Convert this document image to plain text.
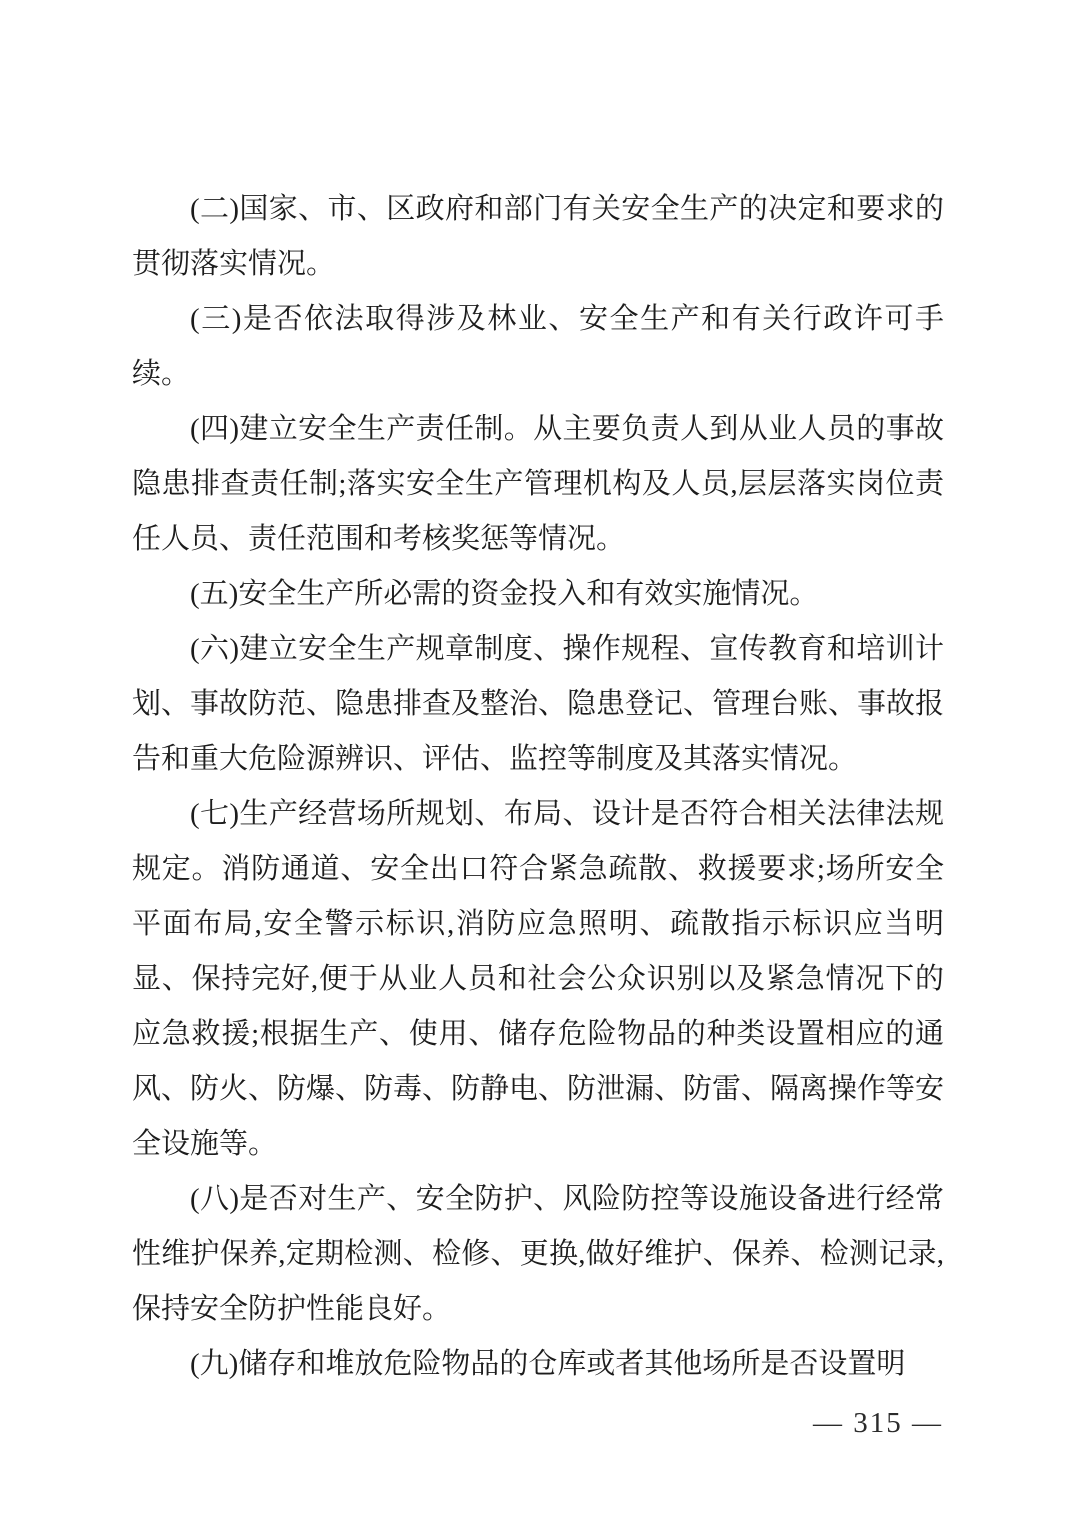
(二)国家、市、区政府和部门有关安全生产的决定和要求的贯彻落实情况。

(三)是否依法取得涉及林业、安全生产和有关行政许可手续。

(四)建立安全生产责任制。从主要负责人到从业人员的事故隐患排查责任制;落实安全生产管理机构及人员,层层落实岗位责任人员、责任范围和考核奖惩等情况。

(五)安全生产所必需的资金投入和有效实施情况。

(六)建立安全生产规章制度、操作规程、宣传教育和培训计划、事故防范、隐患排查及整治、隐患登记、管理台账、事故报告和重大危险源辨识、评估、监控等制度及其落实情况。

(七)生产经营场所规划、布局、设计是否符合相关法律法规规定。消防通道、安全出口符合紧急疏散、救援要求;场所安全平面布局,安全警示标识,消防应急照明、疏散指示标识应当明显、保持完好,便于从业人员和社会公众识别以及紧急情况下的应急救援;根据生产、使用、储存危险物品的种类设置相应的通风、防火、防爆、防毒、防静电、防泄漏、防雷、隔离操作等安全设施等。

(八)是否对生产、安全防护、风险防控等设施设备进行经常性维护保养,定期检测、检修、更换,做好维护、保养、检测记录,保持安全防护性能良好。

(九)储存和堆放危险物品的仓库或者其他场所是否设置明

— 315 —
